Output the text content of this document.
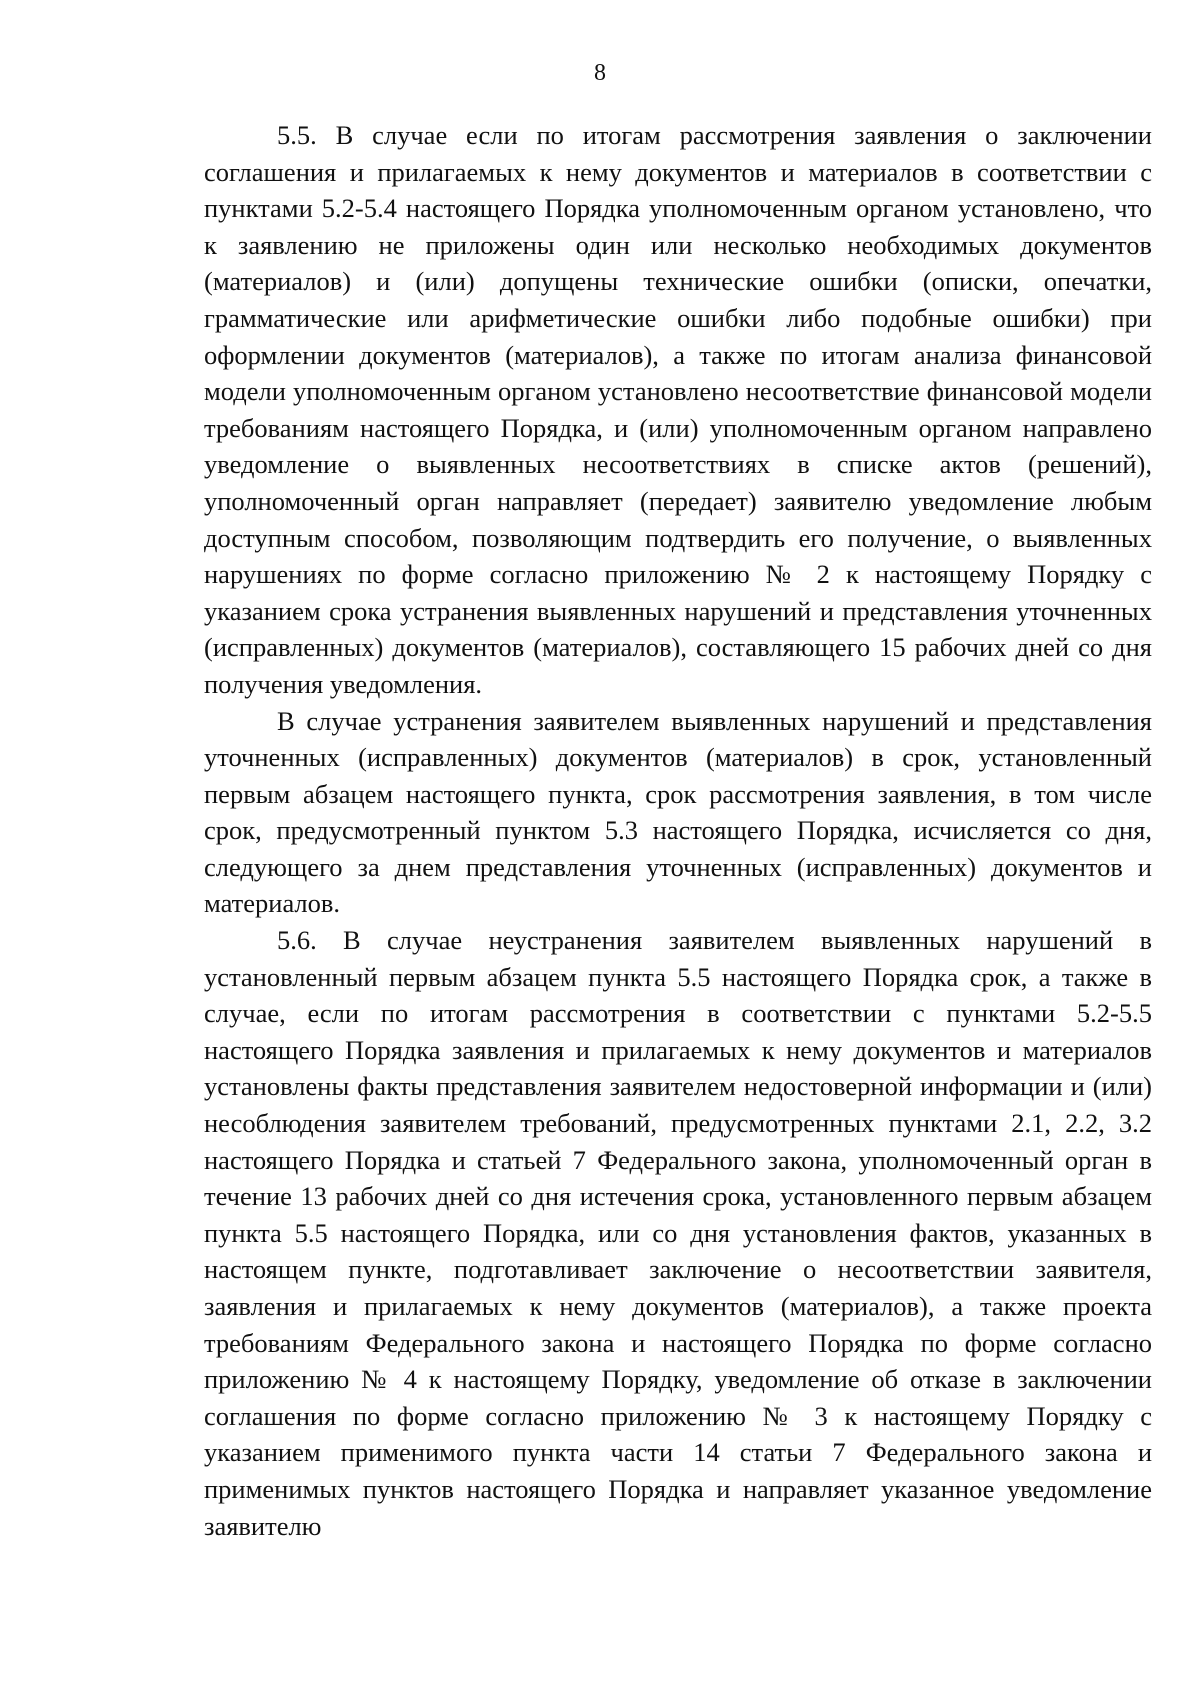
8

5.5. В случае если по итогам рассмотрения заявления о заключении соглашения и прилагаемых к нему документов и материалов в соответствии с пунктами 5.2-5.4 настоящего Порядка уполномоченным органом установлено, что к заявлению не приложены один или несколько необходимых документов (материалов) и (или) допущены технические ошибки (описки, опечатки, грамматические или арифметические ошибки либо подобные ошибки) при оформлении документов (материалов), а также по итогам анализа финансовой модели уполномоченным органом установлено несоответствие финансовой модели требованиям настоящего Порядка, и (или) уполномоченным органом направлено уведомление о выявленных несоответствиях в списке актов (решений), уполномоченный орган направляет (передает) заявителю уведомление любым доступным способом, позволяющим подтвердить его получение, о выявленных нарушениях по форме согласно приложению № 2 к настоящему Порядку с указанием срока устранения выявленных нарушений и представления уточненных (исправленных) документов (материалов), составляющего 15 рабочих дней со дня получения уведомления.

В случае устранения заявителем выявленных нарушений и представления уточненных (исправленных) документов (материалов) в срок, установленный первым абзацем настоящего пункта, срок рассмотрения заявления, в том числе срок, предусмотренный пунктом 5.3 настоящего Порядка, исчисляется со дня, следующего за днем представления уточненных (исправленных) документов и материалов.

5.6. В случае неустранения заявителем выявленных нарушений в установленный первым абзацем пункта 5.5 настоящего Порядка срок, а также в случае, если по итогам рассмотрения в соответствии с пунктами 5.2-5.5 настоящего Порядка заявления и прилагаемых к нему документов и материалов установлены факты представления заявителем недостоверной информации и (или) несоблюдения заявителем требований, предусмотренных пунктами 2.1, 2.2, 3.2 настоящего Порядка и статьей 7 Федерального закона, уполномоченный орган в течение 13 рабочих дней со дня истечения срока, установленного первым абзацем пункта 5.5 настоящего Порядка, или со дня установления фактов, указанных в настоящем пункте, подготавливает заключение о несоответствии заявителя, заявления и прилагаемых к нему документов (материалов), а также проекта требованиям Федерального закона и настоящего Порядка по форме согласно приложению № 4 к настоящему Порядку, уведомление об отказе в заключении соглашения по форме согласно приложению № 3 к настоящему Порядку с указанием применимого пункта части 14 статьи 7 Федерального закона и применимых пунктов настоящего Порядка и направляет указанное уведомление заявителю
